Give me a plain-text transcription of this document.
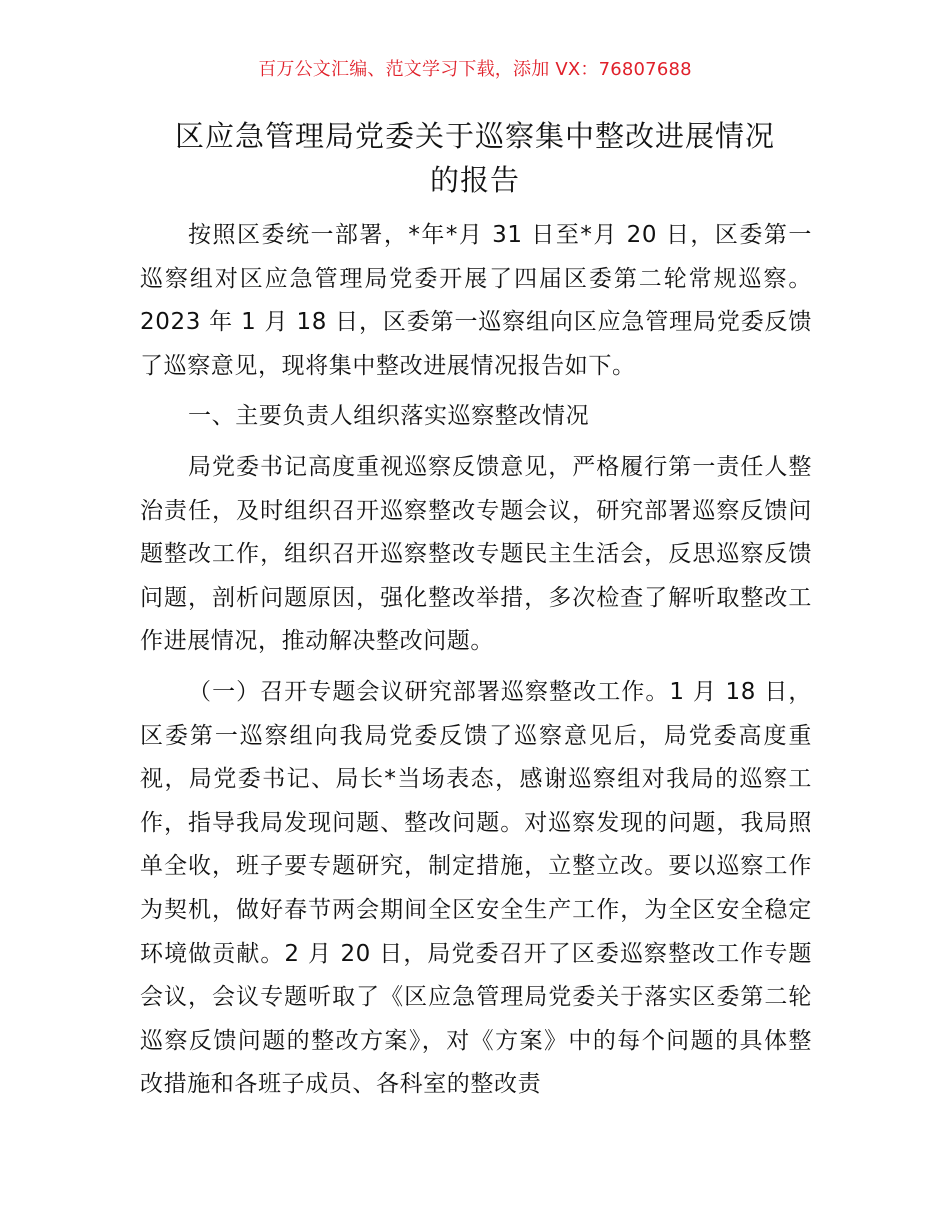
百万公文汇编、范文学习下载，添加 VX：76807688
区应急管理局党委关于巡察集中整改进展情况
的报告

按照区委统一部署，*年*月 31 日至*月 20 日，区委第一巡察组对区应急管理局党委开展了四届区委第二轮常规巡察。2023 年 1 月 18 日，区委第一巡察组向区应急管理局党委反馈了巡察意见，现将集中整改进展情况报告如下。

一、主要负责人组织落实巡察整改情况

局党委书记高度重视巡察反馈意见，严格履行第一责任人整治责任，及时组织召开巡察整改专题会议，研究部署巡察反馈问题整改工作，组织召开巡察整改专题民主生活会，反思巡察反馈问题，剖析问题原因，强化整改举措，多次检查了解听取整改工作进展情况，推动解决整改问题。

（一）召开专题会议研究部署巡察整改工作。1 月 18 日，区委第一巡察组向我局党委反馈了巡察意见后，局党委高度重视，局党委书记、局长*当场表态，感谢巡察组对我局的巡察工作，指导我局发现问题、整改问题。对巡察发现的问题，我局照单全收，班子要专题研究，制定措施，立整立改。要以巡察工作为契机，做好春节两会期间全区安全生产工作，为全区安全稳定环境做贡献。2 月 20 日，局党委召开了区委巡察整改工作专题会议，会议专题听取了《区应急管理局党委关于落实区委第二轮巡察反馈问题的整改方案》，对《方案》中的每个问题的具体整改措施和各班子成员、各科室的整改责
